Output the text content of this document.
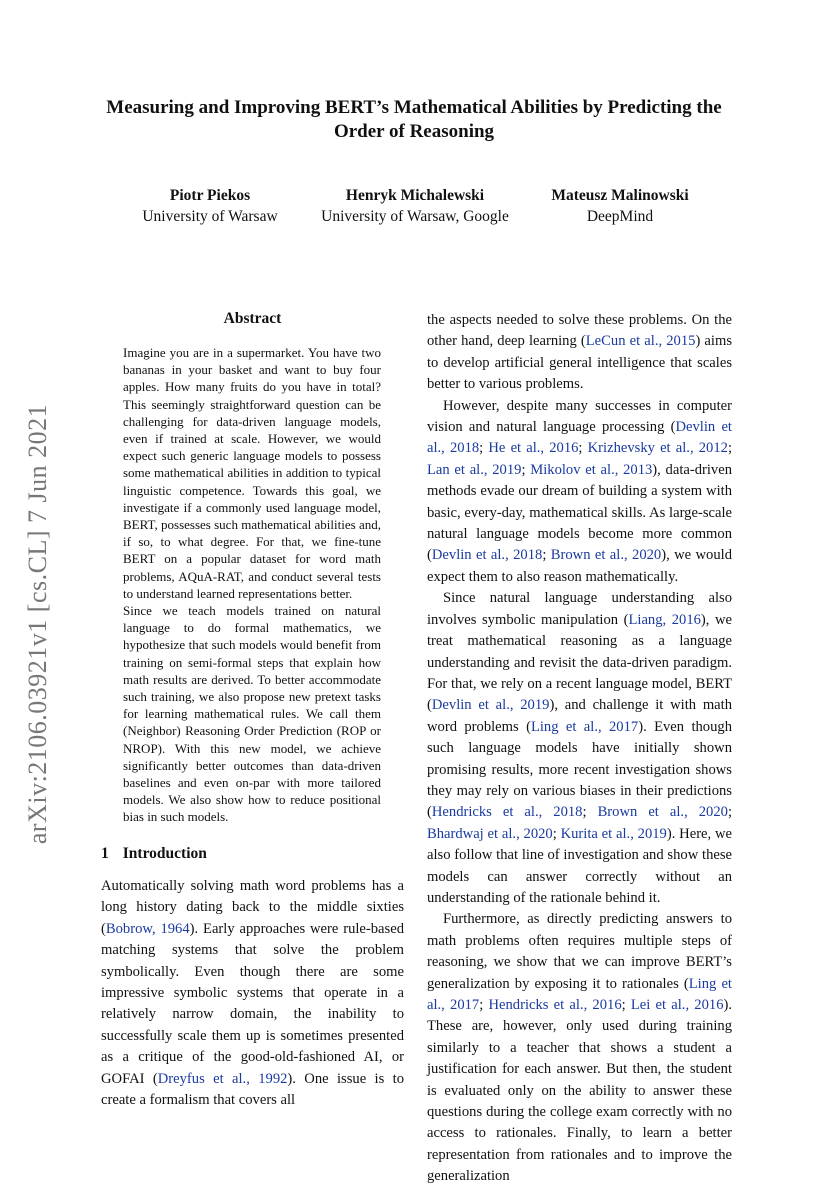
Measuring and Improving BERT’s Mathematical Abilities by Predicting the Order of Reasoning
Piotr Piekos
University of Warsaw
Henryk Michalewski
University of Warsaw, Google
Mateusz Malinowski
DeepMind
arXiv:2106.03921v1 [cs.CL] 7 Jun 2021
Abstract

Imagine you are in a supermarket. You have two bananas in your basket and want to buy four apples. How many fruits do you have in total? This seemingly straightforward question can be challenging for data-driven language models, even if trained at scale. However, we would expect such generic language models to possess some mathematical abilities in addition to typical linguistic competence. Towards this goal, we investigate if a commonly used language model, BERT, possesses such mathematical abilities and, if so, to what degree. For that, we fine-tune BERT on a popular dataset for word math problems, AQuA-RAT, and conduct several tests to understand learned representations better.

Since we teach models trained on natural language to do formal mathematics, we hypothesize that such models would benefit from training on semi-formal steps that explain how math results are derived. To better accommodate such training, we also propose new pretext tasks for learning mathematical rules. We call them (Neighbor) Reasoning Order Prediction (ROP or NROP). With this new model, we achieve significantly better outcomes than data-driven baselines and even on-par with more tailored models. We also show how to reduce positional bias in such models.

1 Introduction

Automatically solving math word problems has a long history dating back to the middle sixties (Bobrow, 1964). Early approaches were rule-based matching systems that solve the problem symbolically. Even though there are some impressive symbolic systems that operate in a relatively narrow domain, the inability to successfully scale them up is sometimes presented as a critique of the good-old-fashioned AI, or GOFAI (Dreyfus et al., 1992). One issue is to create a formalism that covers all

the aspects needed to solve these problems. On the other hand, deep learning (LeCun et al., 2015) aims to develop artificial general intelligence that scales better to various problems.

However, despite many successes in computer vision and natural language processing (Devlin et al., 2018; He et al., 2016; Krizhevsky et al., 2012; Lan et al., 2019; Mikolov et al., 2013), data-driven methods evade our dream of building a system with basic, every-day, mathematical skills. As large-scale natural language models become more common (Devlin et al., 2018; Brown et al., 2020), we would expect them to also reason mathematically.

Since natural language understanding also involves symbolic manipulation (Liang, 2016), we treat mathematical reasoning as a language understanding and revisit the data-driven paradigm. For that, we rely on a recent language model, BERT (Devlin et al., 2019), and challenge it with math word problems (Ling et al., 2017). Even though such language models have initially shown promising results, more recent investigation shows they may rely on various biases in their predictions (Hendricks et al., 2018; Brown et al., 2020; Bhardwaj et al., 2020; Kurita et al., 2019). Here, we also follow that line of investigation and show these models can answer correctly without an understanding of the rationale behind it.

Furthermore, as directly predicting answers to math problems often requires multiple steps of reasoning, we show that we can improve BERT’s generalization by exposing it to rationales (Ling et al., 2017; Hendricks et al., 2016; Lei et al., 2016). These are, however, only used during training similarly to a teacher that shows a student a justification for each answer. But then, the student is evaluated only on the ability to answer these questions during the college exam correctly with no access to rationales. Finally, to learn a better representation from rationales and to improve the generalization
